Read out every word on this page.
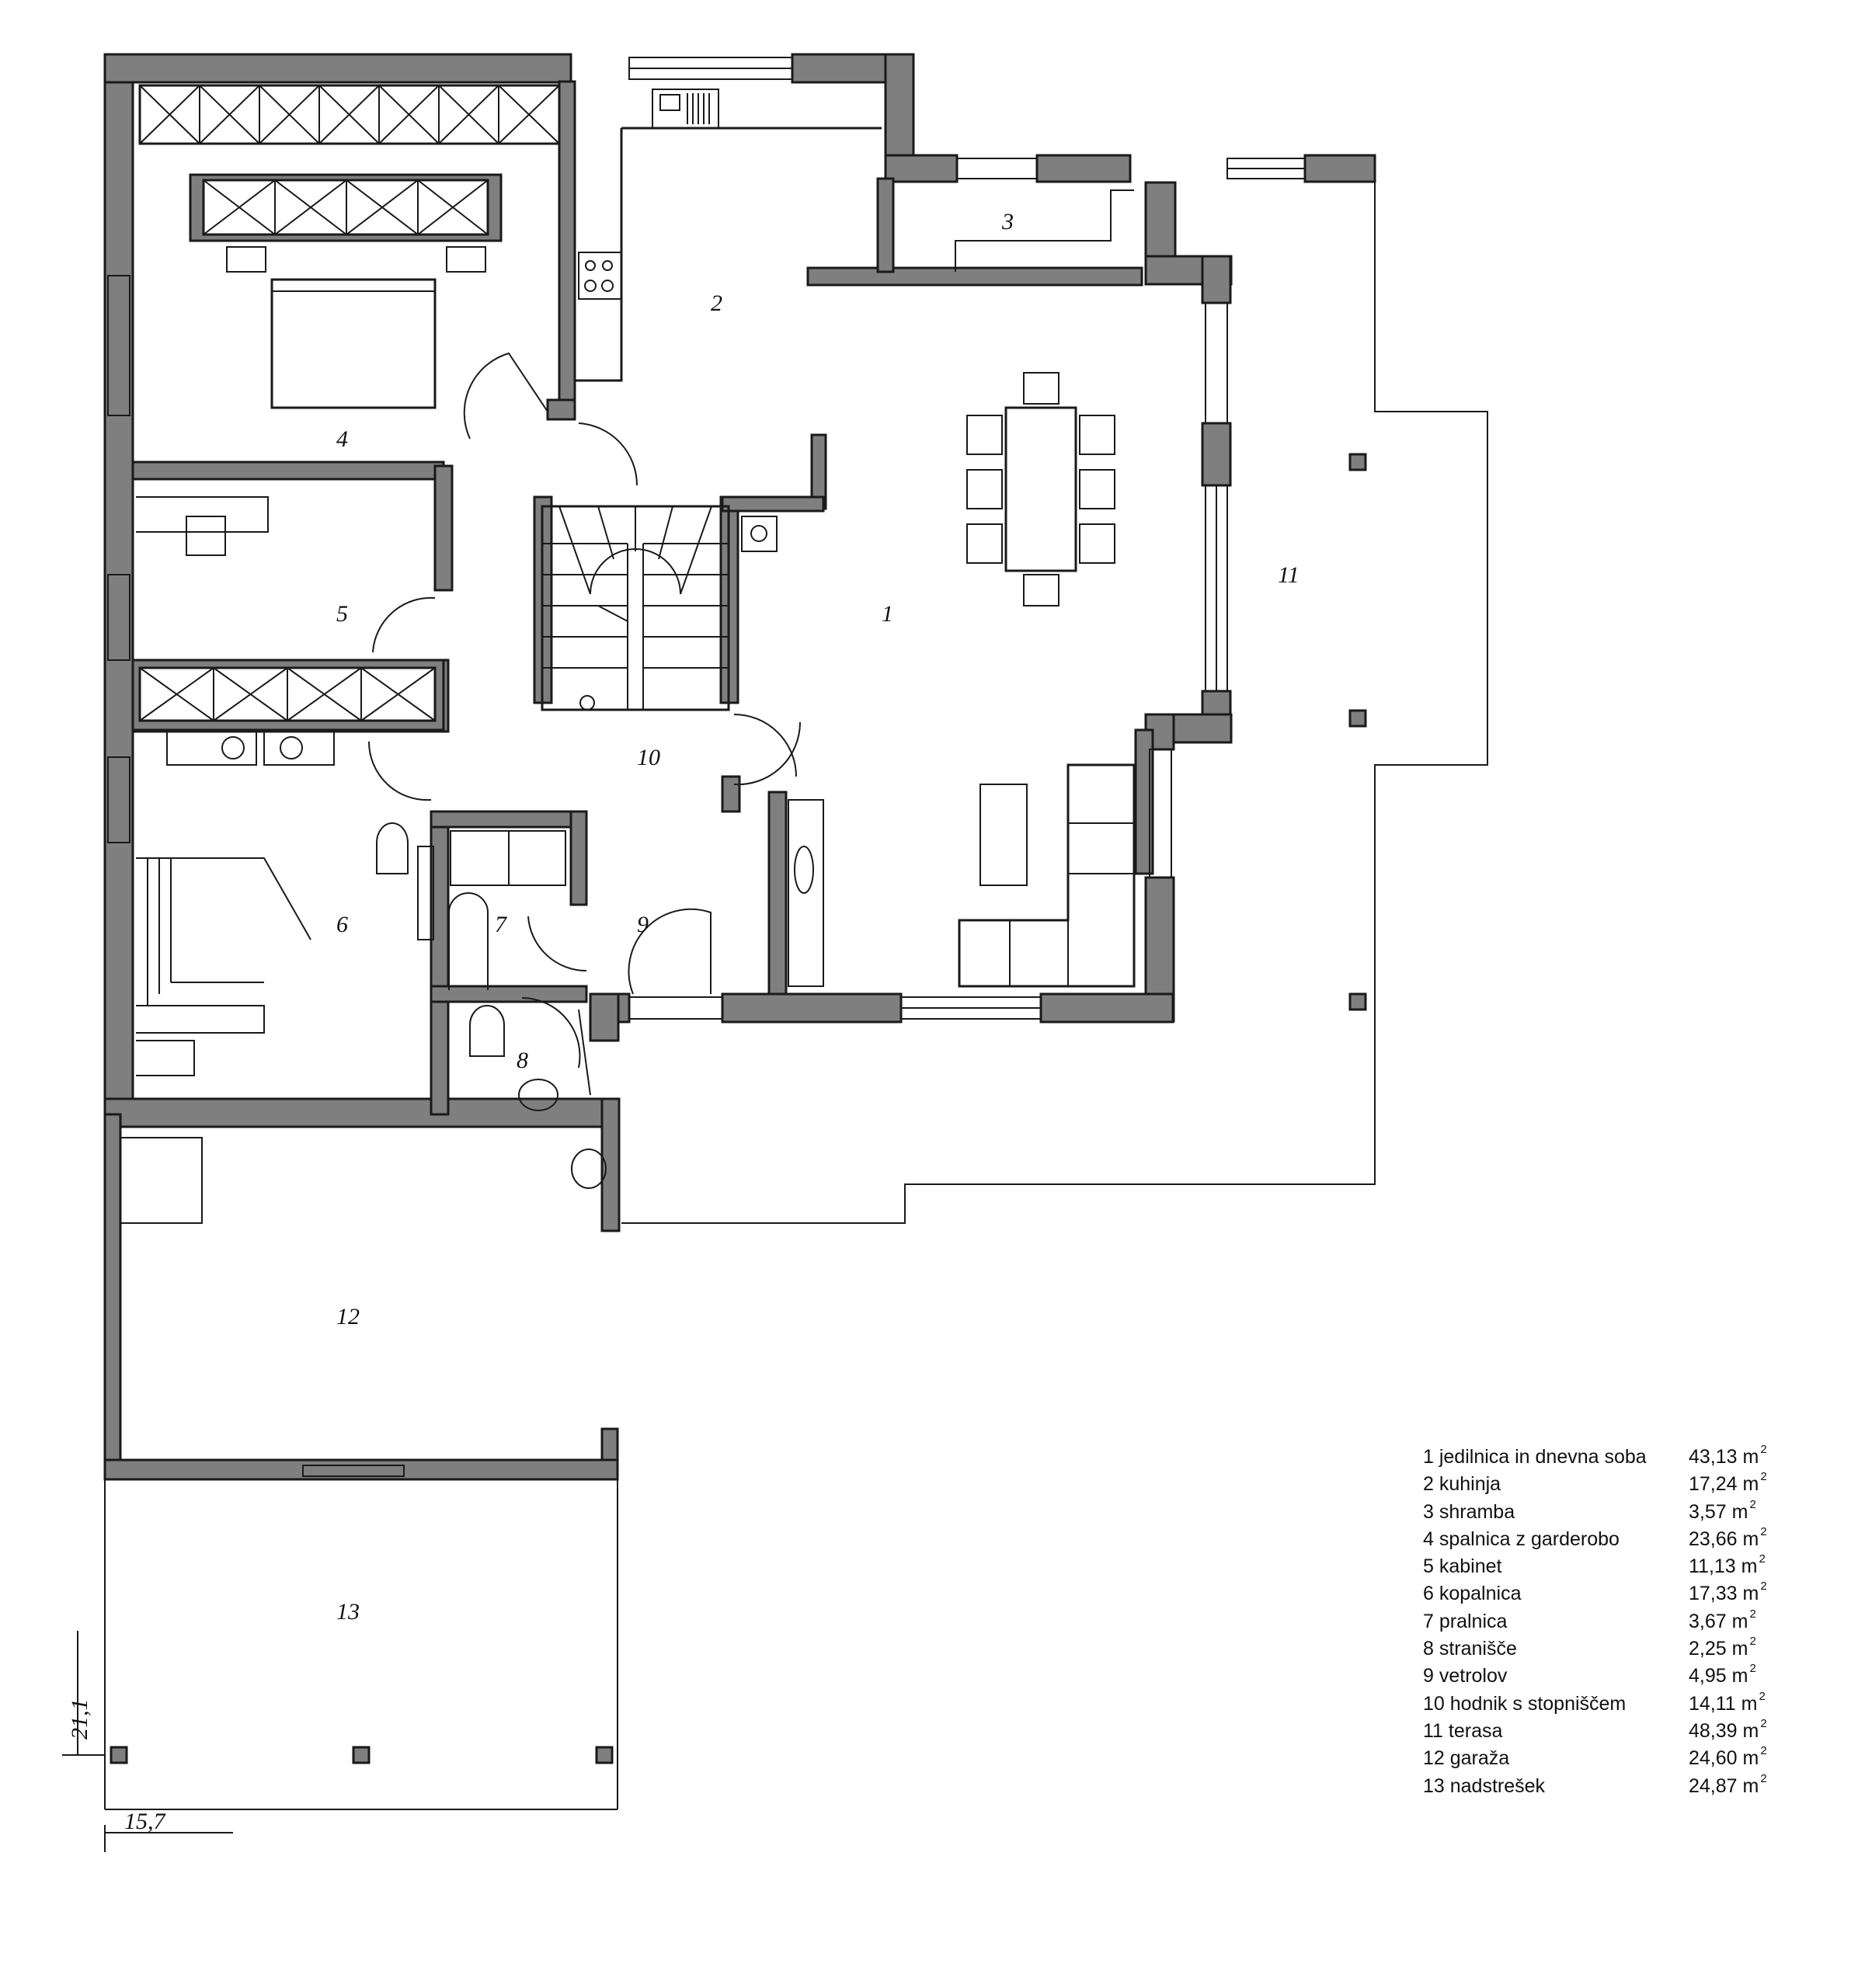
21,1
15,7
1
2
3
4
5
6	7
8
9
10
11
12
13
1 jedilnica in dnevna soba 43,13 m $^2$
2 kuhinja	17,24 m $^2$
3 shramba	3,57 m $^2$
4 spalnica z garderobo	23,66 m $^2$
5 kabinet	11,13 m $^2$
6 kopalnica	17,33 m $^2$
7 pralnica	3,67 m $^2$
8 stranišče	2,25 m $^2$
9 vetrolov	4,95 m $^2$
10 hodnik s stopniščem	14,11 m $^2$
11 terasa	48,39 m $^2$
12 garaža	24,60 m $^2$
13 nadstrešek	24,87 m $^2$
